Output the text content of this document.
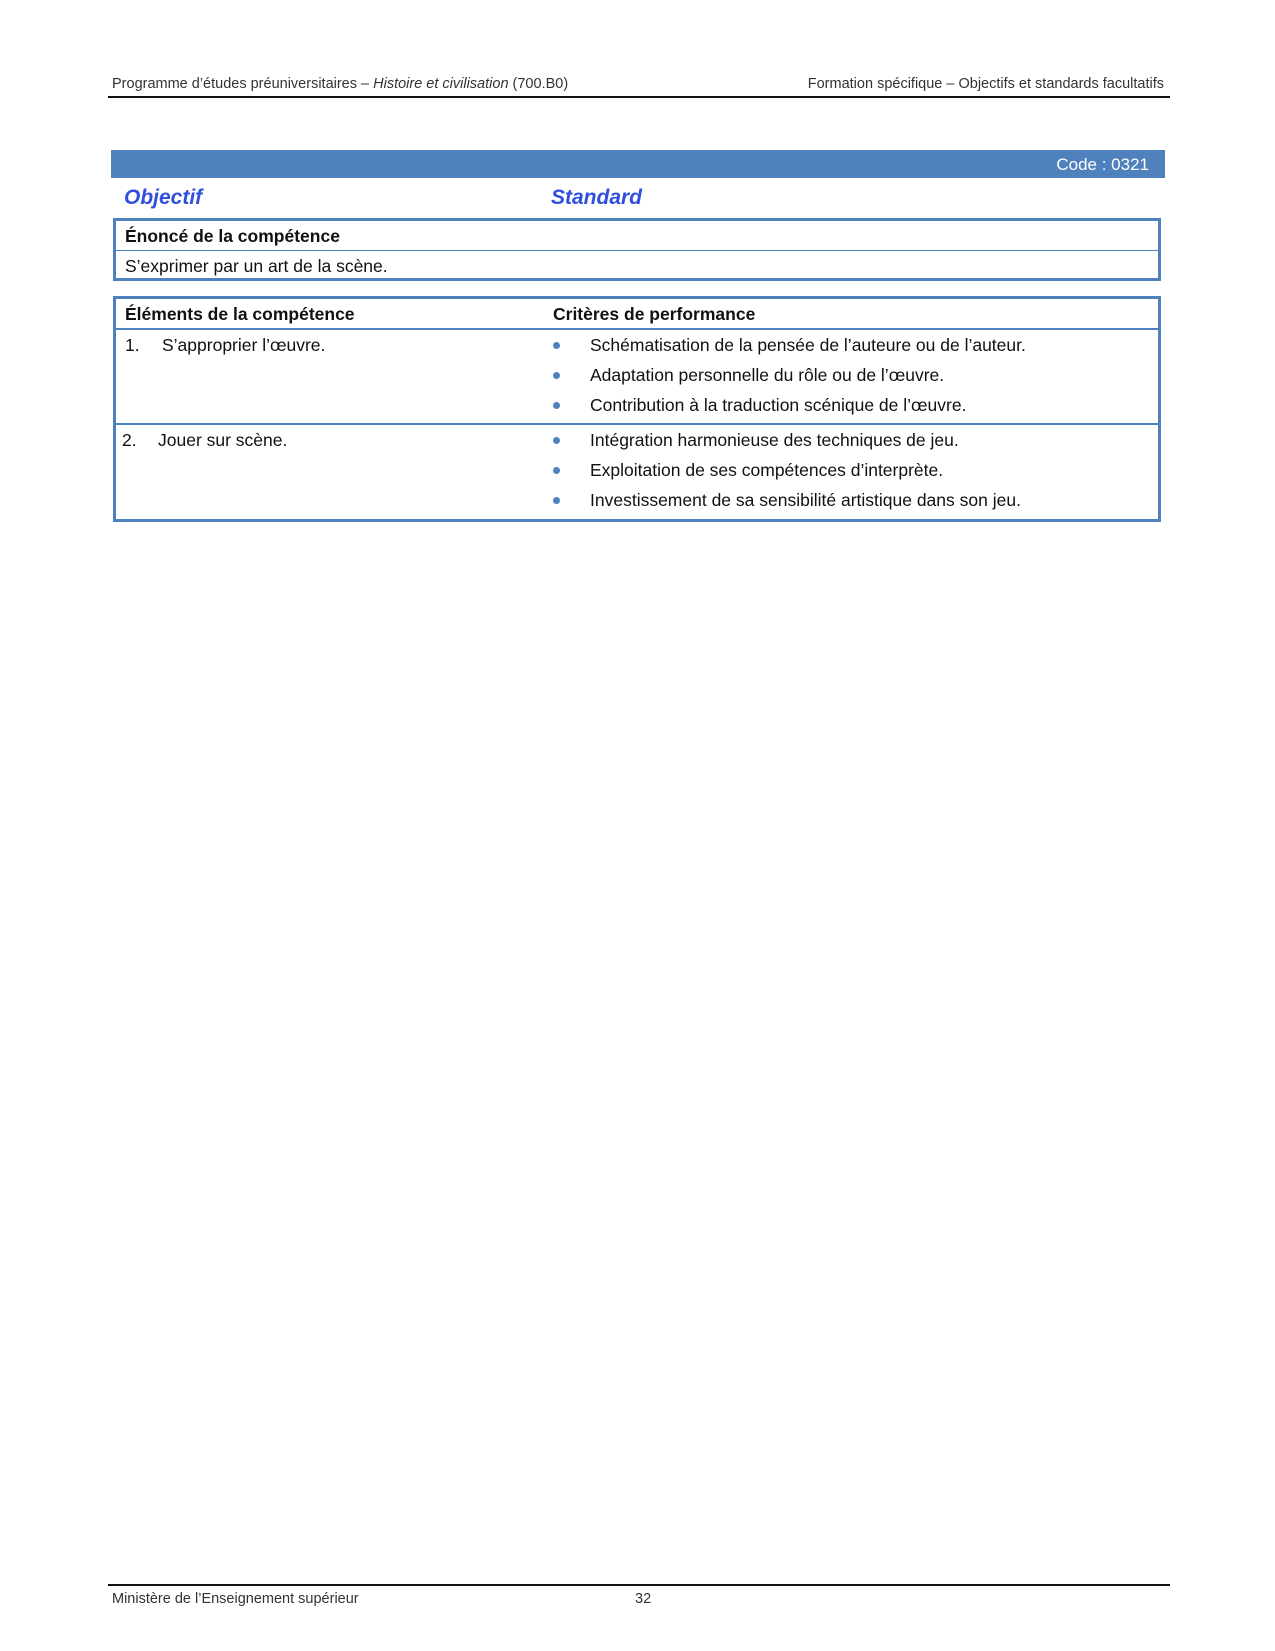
Programme d’études préuniversitaires – Histoire et civilisation (700.B0)	Formation spécifique – Objectifs et standards facultatifs
Code : 0321
Objectif	Standard
Énoncé de la compétence
S’exprimer par un art de la scène.
Éléments de la compétence	Critères de performance
1. S’approprier l’œuvre.	Schématisation de la pensée de l’auteure ou de l’auteur.
Adaptation personnelle du rôle ou de l’œuvre.
Contribution à la traduction scénique de l’œuvre.
2. Jouer sur scène.	Intégration harmonieuse des techniques de jeu.
Exploitation de ses compétences d’interprète.
Investissement de sa sensibilité artistique dans son jeu.
Ministère de l’Enseignement supérieur	32
